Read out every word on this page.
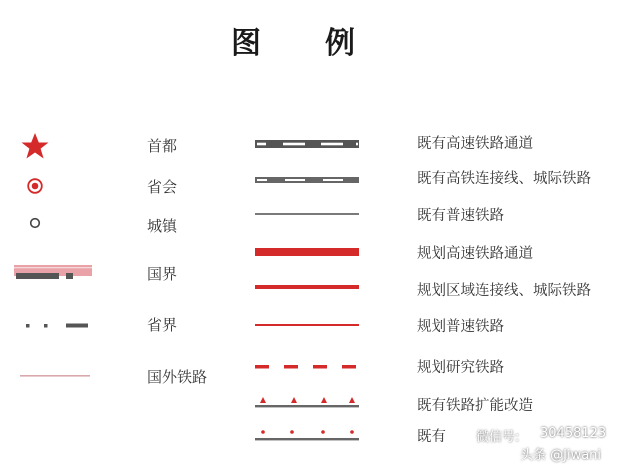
图 例
首都
省会
城镇
国界
省界
国外铁路
既有高速铁路通道
既有高铁连接线、城际铁路
既有普速铁路
规划高速铁路通道
规划区域连接线、城际铁路
规划普速铁路
规划研究铁路
既有铁路扩能改造
既有 微信号: 30458123
头条 @Jiwani
